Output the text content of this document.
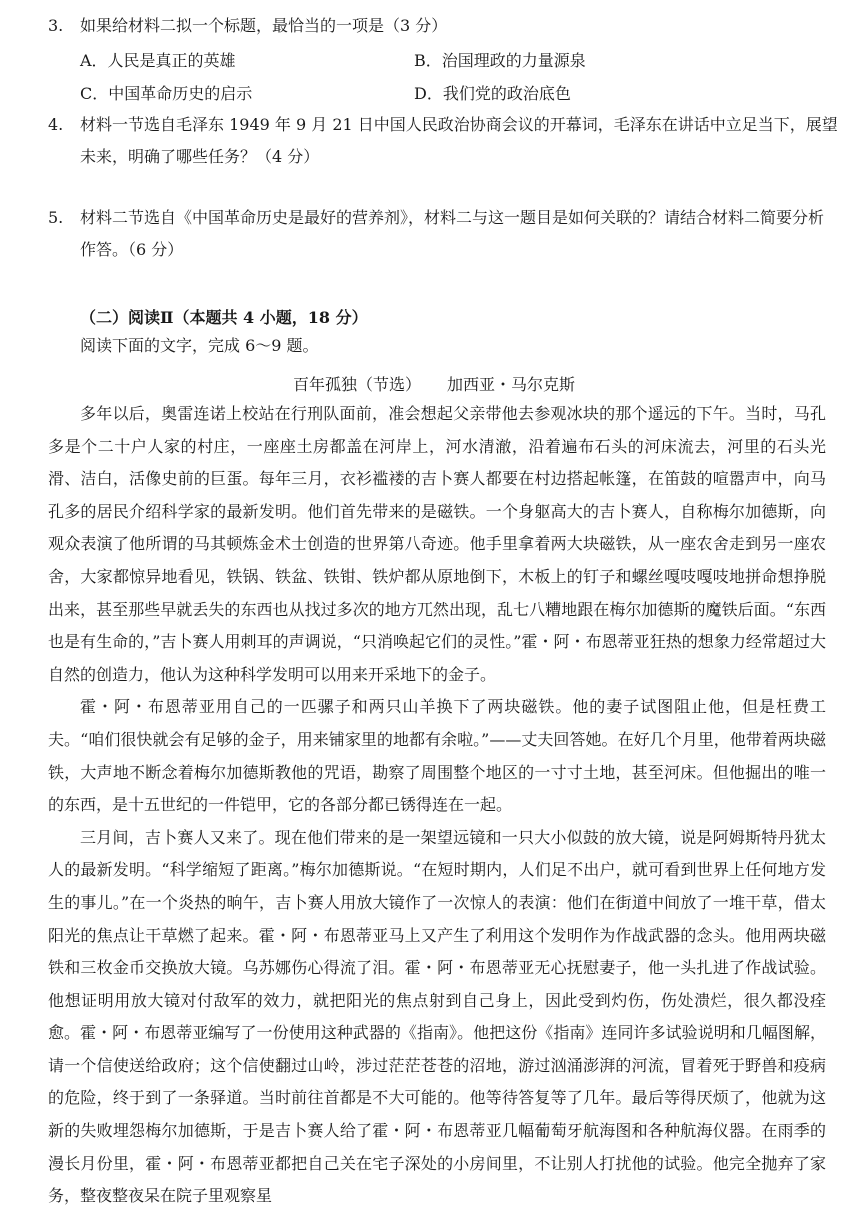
3. 如果给材料二拟一个标题，最恰当的一项是（3 分）
A．人民是真正的英雄	B．治国理政的力量源泉
C．中国革命历史的启示	D．我们党的政治底色
4. 材料一节选自毛泽东 1949 年 9 月 21 日中国人民政治协商会议的开幕词，毛泽东在讲话中立足当下，展望未来，明确了哪些任务？（4 分）
5. 材料二节选自《中国革命历史是最好的营养剂》，材料二与这一题目是如何关联的？请结合材料二简要分析作答。（6 分）
（二）阅读Ⅱ（本题共 4 小题，18 分）
阅读下面的文字，完成 6～9 题。
百年孤独（节选） 加西亚・马尔克斯

多年以后，奥雷连诺上校站在行刑队面前，准会想起父亲带他去参观冰块的那个遥远的下午。当时，马孔多是个二十户人家的村庄，一座座土房都盖在河岸上，河水清澈，沿着遍布石头的河床流去，河里的石头光滑、洁白，活像史前的巨蛋。每年三月，衣衫褴褛的吉卜赛人都要在村边搭起帐篷，在笛鼓的喧嚣声中，向马孔多的居民介绍科学家的最新发明。他们首先带来的是磁铁。一个身躯高大的吉卜赛人，自称梅尔加德斯，向观众表演了他所谓的马其顿炼金术士创造的世界第八奇迹。他手里拿着两大块磁铁，从一座农舍走到另一座农舍，大家都惊异地看见，铁锅、铁盆、铁钳、铁炉都从原地倒下，木板上的钉子和螺丝嘎吱嘎吱地拼命想挣脱出来，甚至那些早就丢失的东西也从找过多次的地方兀然出现，乱七八糟地跟在梅尔加德斯的魔铁后面。“东西也是有生命的，”吉卜赛人用刺耳的声调说，“只消唤起它们的灵性。”霍・阿・布恩蒂亚狂热的想象力经常超过大自然的创造力，他认为这种科学发明可以用来开采地下的金子。

霍・阿・布恩蒂亚用自己的一匹骡子和两只山羊换下了两块磁铁。他的妻子试图阻止他，但是枉费工夫。“咱们很快就会有足够的金子，用来铺家里的地都有余啦。”——丈夫回答她。在好几个月里，他带着两块磁铁，大声地不断念着梅尔加德斯教他的咒语，勘察了周围整个地区的一寸寸土地，甚至河床。但他掘出的唯一的东西，是十五世纪的一件铠甲，它的各部分都已锈得连在一起。

三月间，吉卜赛人又来了。现在他们带来的是一架望远镜和一只大小似鼓的放大镜，说是阿姆斯特丹犹太人的最新发明。“科学缩短了距离。”梅尔加德斯说。“在短时期内，人们足不出户，就可看到世界上任何地方发生的事儿。”在一个炎热的晌午，吉卜赛人用放大镜作了一次惊人的表演：他们在街道中间放了一堆干草，借太阳光的焦点让干草燃了起来。霍・阿・布恩蒂亚马上又产生了利用这个发明作为作战武器的念头。他用两块磁铁和三枚金币交换放大镜。乌苏娜伤心得流了泪。霍・阿・布恩蒂亚无心抚慰妻子，他一头扎进了作战试验。他想证明用放大镜对付敌军的效力，就把阳光的焦点射到自己身上，因此受到灼伤，伤处溃烂，很久都没痊愈。霍・阿・布恩蒂亚编写了一份使用这种武器的《指南》。他把这份《指南》连同许多试验说明和几幅图解，请一个信使送给政府；这个信使翻过山岭，涉过茫茫苍苍的沼地，游过汹涌澎湃的河流，冒着死于野兽和疫病的危险，终于到了一条驿道。当时前往首都是不大可能的。他等待答复等了几年。最后等得厌烦了，他就为这新的失败埋怨梅尔加德斯，于是吉卜赛人给了霍・阿・布恩蒂亚几幅葡萄牙航海图和各种航海仪器。在雨季的漫长月份里，霍・阿・布恩蒂亚都把自己关在宅子深处的小房间里，不让别人打扰他的试验。他完全抛弃了家务，整夜整夜呆在院子里观察星
